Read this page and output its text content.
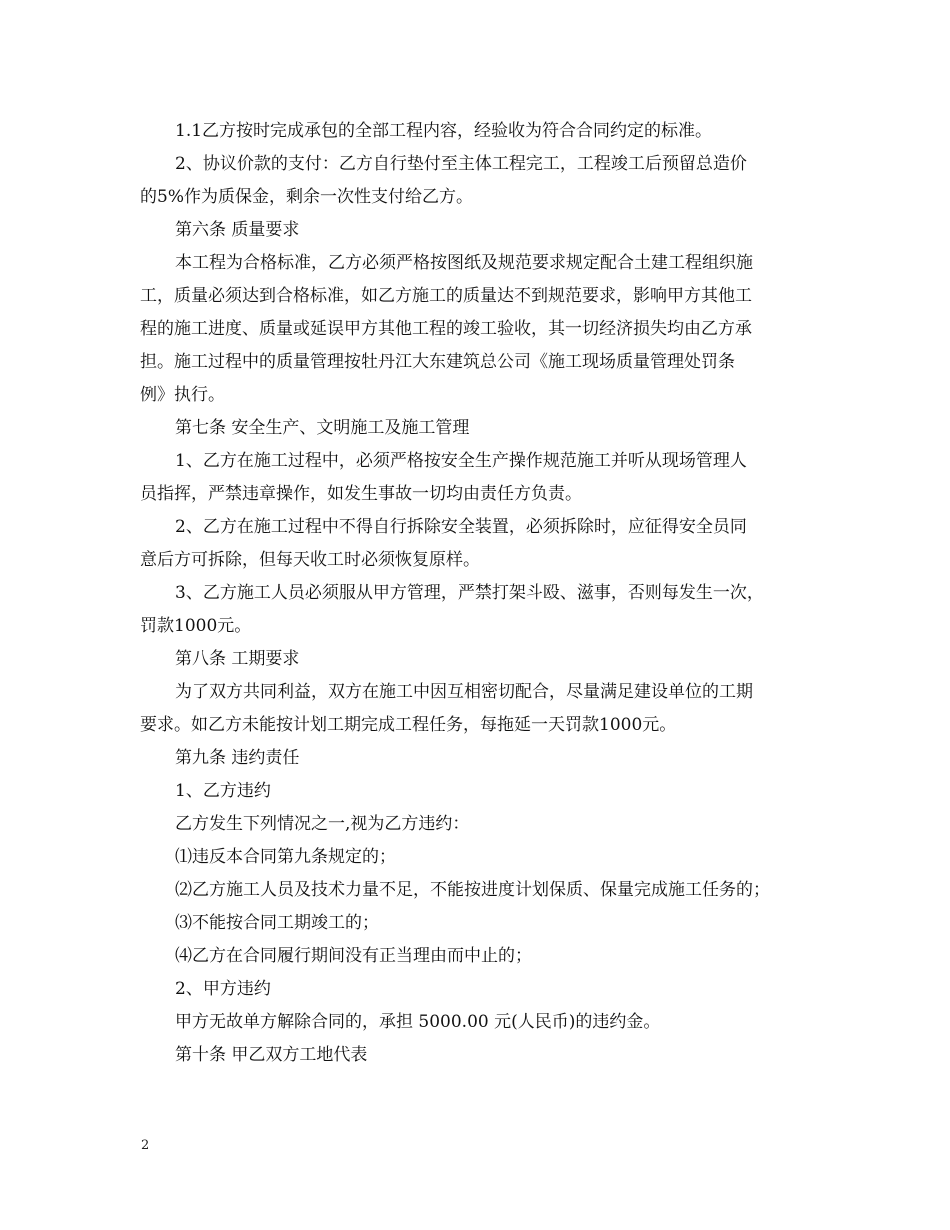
1.1乙方按时完成承包的全部工程内容，经验收为符合合同约定的标准。
2、协议价款的支付：乙方自行垫付至主体工程完工，工程竣工后预留总造价
的5%作为质保金，剩余一次性支付给乙方。
第六条 质量要求
本工程为合格标准，乙方必须严格按图纸及规范要求规定配合土建工程组织施
工，质量必须达到合格标准，如乙方施工的质量达不到规范要求，影响甲方其他工
程的施工进度、质量或延误甲方其他工程的竣工验收，其一切经济损失均由乙方承
担。施工过程中的质量管理按牡丹江大东建筑总公司《施工现场质量管理处罚条
例》执行。
第七条 安全生产、文明施工及施工管理
1、乙方在施工过程中，必须严格按安全生产操作规范施工并听从现场管理人
员指挥，严禁违章操作，如发生事故一切均由责任方负责。
2、乙方在施工过程中不得自行拆除安全装置，必须拆除时，应征得安全员同
意后方可拆除，但每天收工时必须恢复原样。
3、乙方施工人员必须服从甲方管理，严禁打架斗殴、滋事，否则每发生一次，
罚款1000元。
第八条 工期要求
为了双方共同利益，双方在施工中因互相密切配合，尽量满足建设单位的工期
要求。如乙方未能按计划工期完成工程任务，每拖延一天罚款1000元。
第九条 违约责任
1、乙方违约
乙方发生下列情况之一,视为乙方违约：
⑴违反本合同第九条规定的；
⑵乙方施工人员及技术力量不足，不能按进度计划保质、保量完成施工任务的；
⑶不能按合同工期竣工的；
⑷乙方在合同履行期间没有正当理由而中止的；
2、甲方违约
甲方无故单方解除合同的，承担 5000.00 元(人民币)的违约金。
第十条 甲乙双方工地代表
2
